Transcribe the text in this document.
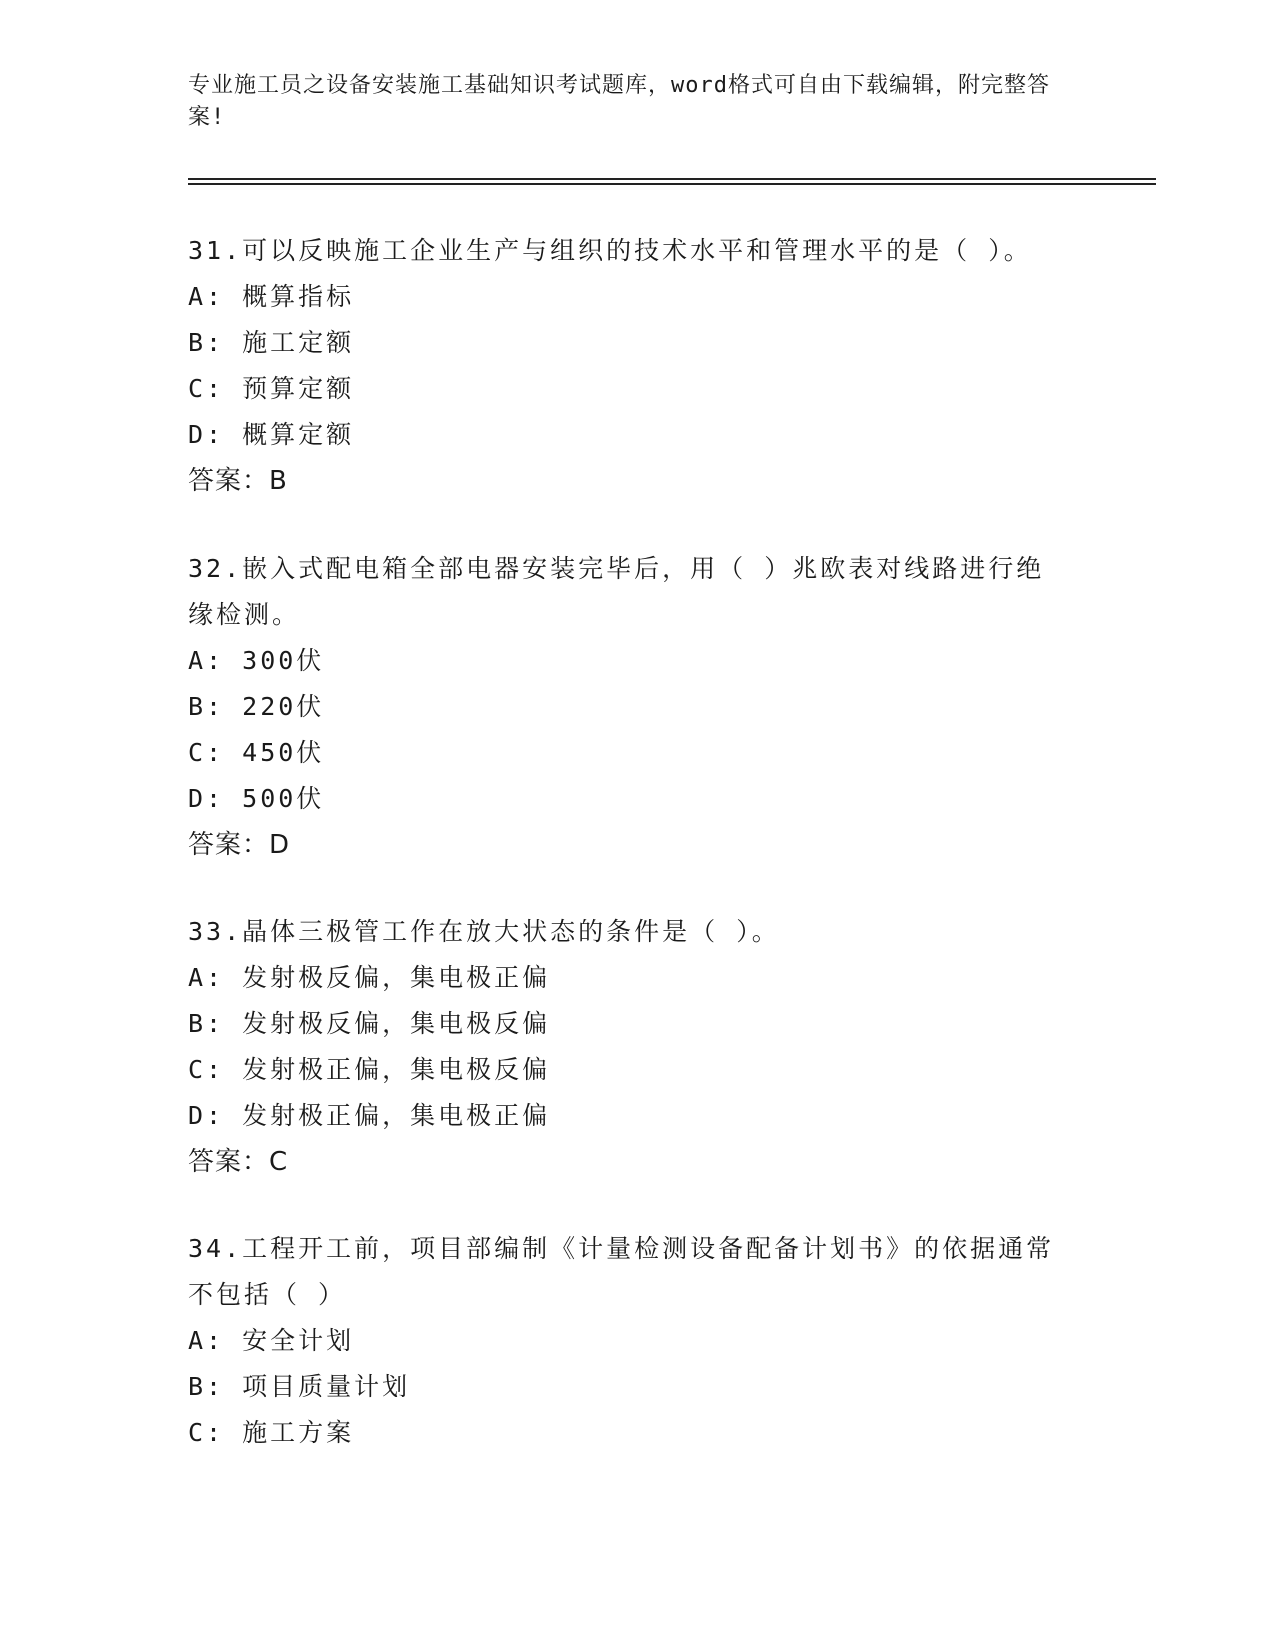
专业施工员之设备安装施工基础知识考试题库，word格式可自由下载编辑，附完整答案!

31.可以反映施工企业生产与组织的技术水平和管理水平的是（ ）。

A: 概算指标

B: 施工定额

C: 预算定额

D: 概算定额

答案：B

32.嵌入式配电箱全部电器安装完毕后，用（ ）兆欧表对线路进行绝缘检测。

A: 300伏

B: 220伏

C: 450伏

D: 500伏

答案：D

33.晶体三极管工作在放大状态的条件是（ ）。

A: 发射极反偏，集电极正偏

B: 发射极反偏，集电极反偏

C: 发射极正偏，集电极反偏

D: 发射极正偏，集电极正偏

答案：C

34.工程开工前，项目部编制《计量检测设备配备计划书》的依据通常不包括（ ）

A: 安全计划

B: 项目质量计划

C: 施工方案
